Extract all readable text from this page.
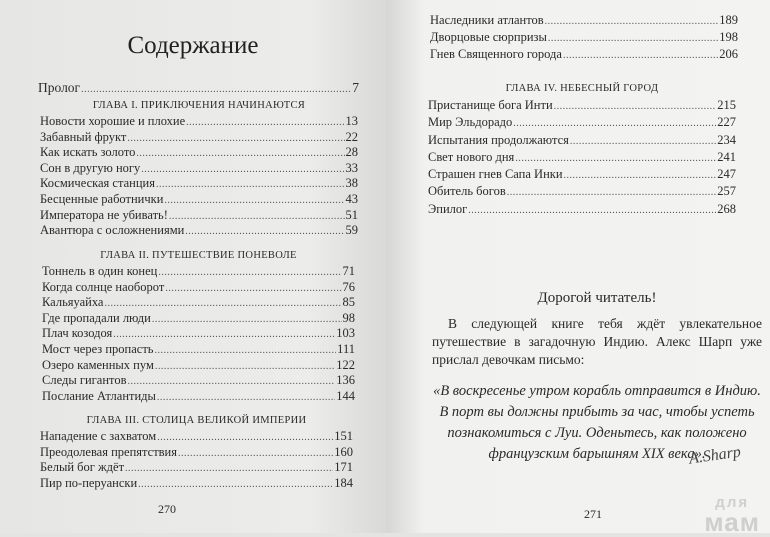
Содержание
Пролог .....	7
ГЛАВА I. ПРИКЛЮЧЕНИЯ НАЧИНАЮТСЯ
Новости хорошие и плохие .....	13
Забавный фрукт .....	22
Как искать золото .....	28
Сон в другую ногу .....	33
Космическая станция .....	38
Бесценные работнички .....	43
Императора не убивать! .....	51
Авантюра с осложнениями .....	59
ГЛАВА II. ПУТЕШЕСТВИЕ ПОНЕВОЛЕ
Тоннель в один конец .....	71
Когда солнце наоборот .....	76
Кальяуайха .....	85
Где пропадали люди .....	98
Плач козодоя .....	103
Мост через пропасть .....	111
Озеро каменных пум .....	122
Следы гигантов .....	136
Послание Атлантиды .....	144
ГЛАВА III. СТОЛИЦА ВЕЛИКОЙ ИМПЕРИИ
Нападение с захватом .....	151
Преодолевая препятствия .....	160
Белый бог ждёт .....	171
Пир по-перуански .....	184
270
Наследники атлантов .....	189
Дворцовые сюрпризы .....	198
Гнев Священного города .....	206
ГЛАВА IV. НЕБЕСНЫЙ ГОРОД
Пристанище бога Инти .....	215
Мир Эльдорадо .....	227
Испытания продолжаются .....	234
Свет нового дня .....	241
Страшен гнев Сапа Инки .....	247
Обитель богов .....	257
Эпилог .....	268
Дорогой читатель!
В следующей книге тебя ждёт увлекательное путешествие в загадочную Индию. Алекс Шарп уже прислал девочкам письмо:
«В воскресенье утром корабль отправится в Индию. В порт вы должны прибыть за час, чтобы успеть познакомиться с Луи. Оденьтесь, как положено французским барышням XIX века».
A.Sharp
271
для
мам
